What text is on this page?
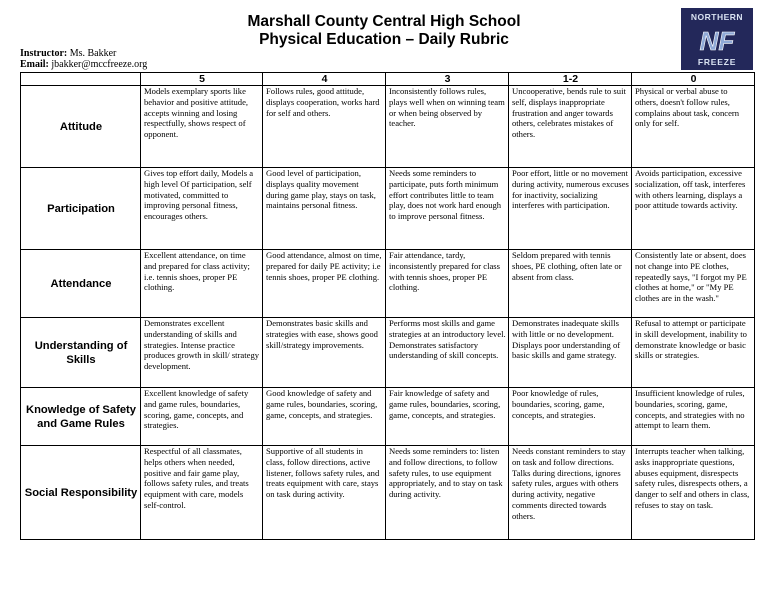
Marshall County Central High School
Physical Education – Daily Rubric
Instructor: Ms. Bakker
Email: jbakker@mccfreeze.org
NORTHERN
NF
FREEZE
	5	4	3	1-2	0
Attitude	Models exemplary sports like behavior and positive attitude, accepts winning and losing respectfully, shows respect of opponent.	Follows rules, good attitude, displays cooperation, works hard for self and others.	Inconsistently follows rules, plays well when on winning team or when being observed by teacher.	Uncooperative, bends rule to suit self, displays inappropriate frustration and anger towards others, celebrates mistakes of others.	Physical or verbal abuse to others, doesn't follow rules, complains about task, concern only for self.
Participation	Gives top effort daily, Models a high level Of participation, self motivated, committed to improving personal fitness, encourages others.	Good level of participation, displays quality movement during game play, stays on task, maintains personal fitness.	Needs some reminders to participate, puts forth minimum effort contributes little to team play, does not work hard enough to improve personal fitness.	Poor effort, little or no movement during activity, numerous excuses for inactivity, socializing interferes with participation.	Avoids participation, excessive socialization, off task, interferes with others learning, displays a poor attitude towards activity.
Attendance	Excellent attendance, on time and prepared for class activity; i.e. tennis shoes, proper PE clothing.	Good attendance, almost on time, prepared for daily PE activity; i.e tennis shoes, proper PE clothing.	Fair attendance, tardy, inconsistently prepared for class with tennis shoes, proper PE clothing.	Seldom prepared with tennis shoes, PE clothing, often late or absent from class.	Consistently late or absent, does not change into PE clothes, repeatedly says, "I forgot my PE clothes at home," or "My PE clothes are in the wash."
Understanding of Skills	Demonstrates excellent understanding of skills and strategies. Intense practice produces growth in skill/ strategy development.	Demonstrates basic skills and strategies with ease, shows good skill/strategy improvements.	Performs most skills and game strategies at an introductory level. Demonstrates satisfactory understanding of skill concepts.	Demonstrates inadequate skills with little or no development. Displays poor understanding of basic skills and game strategy.	Refusal to attempt or participate in skill development, inability to demonstrate knowledge or basic skills or strategies.
Knowledge of Safety and Game Rules	Excellent knowledge of safety and game rules, boundaries, scoring, game, concepts, and strategies.	Good knowledge of safety and game rules, boundaries, scoring, game, concepts, and strategies.	Fair knowledge of safety and game rules, boundaries, scoring, game, concepts, and strategies.	Poor knowledge of rules, boundaries, scoring, game, concepts, and strategies.	Insufficient knowledge of rules, boundaries, scoring, game, concepts, and strategies with no attempt to learn them.
Social Responsibility	Respectful of all classmates, helps others when needed, positive and fair game play, follows safety rules, and treats equipment with care, models self-control.	Supportive of all students in class, follow directions, active listener, follows safety rules, and treats equipment with care, stays on task during activity.	Needs some reminders to: listen and follow directions, to follow safety rules, to use equipment appropriately, and to stay on task during activity.	Needs constant reminders to stay on task and follow directions. Talks during directions, ignores safety rules, argues with others during activity, negative comments directed towards others.	Interrupts teacher when talking, asks inappropriate questions, abuses equipment, disrespects safety rules, disrespects others, a danger to self and others in class, refuses to stay on task.
